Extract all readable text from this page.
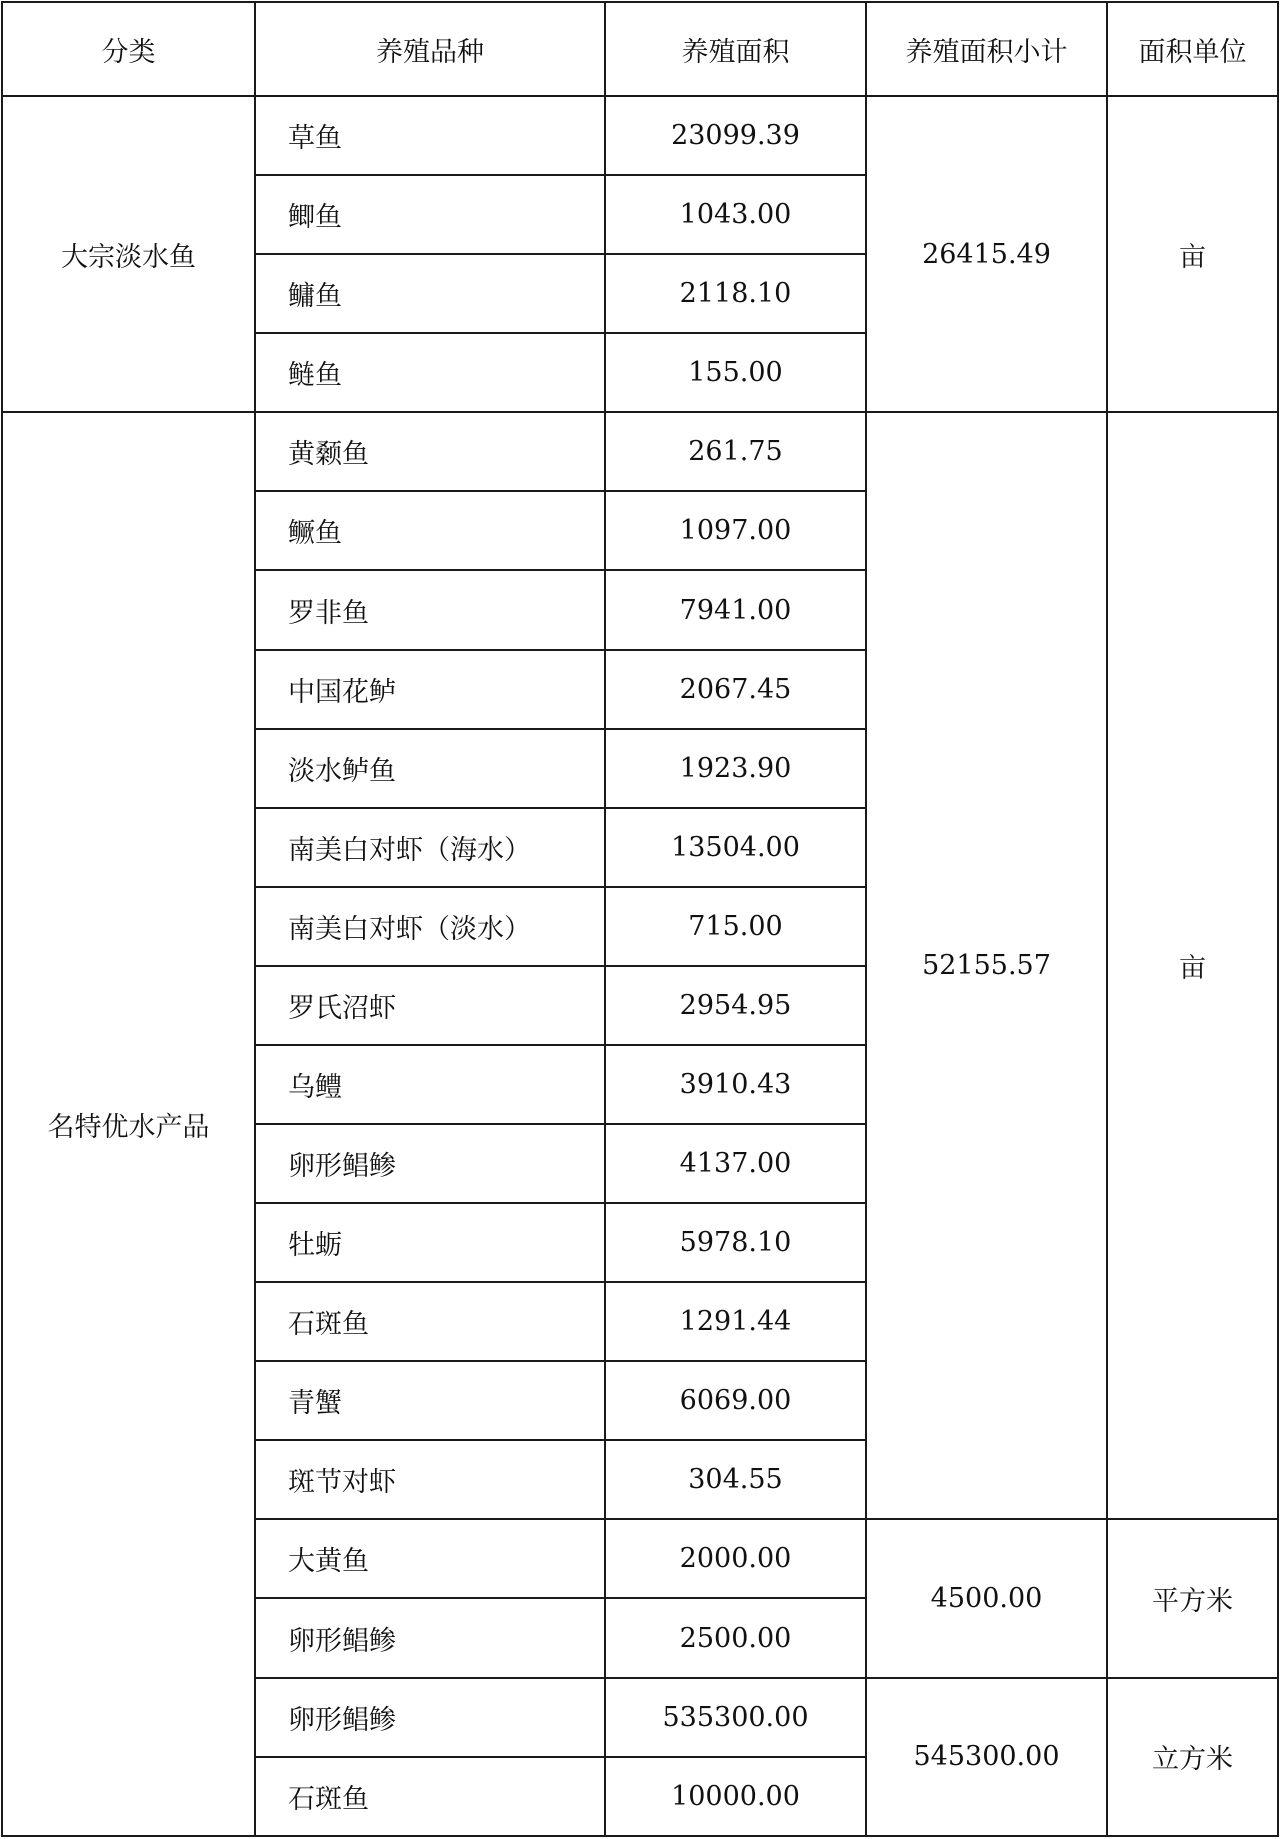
分类	养殖品种	养殖面积	养殖面积小计	面积单位
大宗淡水鱼	草鱼	23099.39	26415.49	亩
	鲫鱼	1043.00		
	鳙鱼	2118.10		
	鲢鱼	155.00		
名特优水产品	黄颡鱼	261.75	52155.57	亩
	鳜鱼	1097.00		
	罗非鱼	7941.00		
	中国花鲈	2067.45		
	淡水鲈鱼	1923.90		
	南美白对虾（海水）	13504.00		
	南美白对虾（淡水）	715.00		
	罗氏沼虾	2954.95		
	乌鳢	3910.43		
	卵形鲳鲹	4137.00		
	牡蛎	5978.10		
	石斑鱼	1291.44		
	青蟹	6069.00		
	斑节对虾	304.55		
	大黄鱼	2000.00	4500.00	平方米
	卵形鲳鲹	2500.00		
	卵形鲳鲹	535300.00	545300.00	立方米
	石斑鱼	10000.00		
